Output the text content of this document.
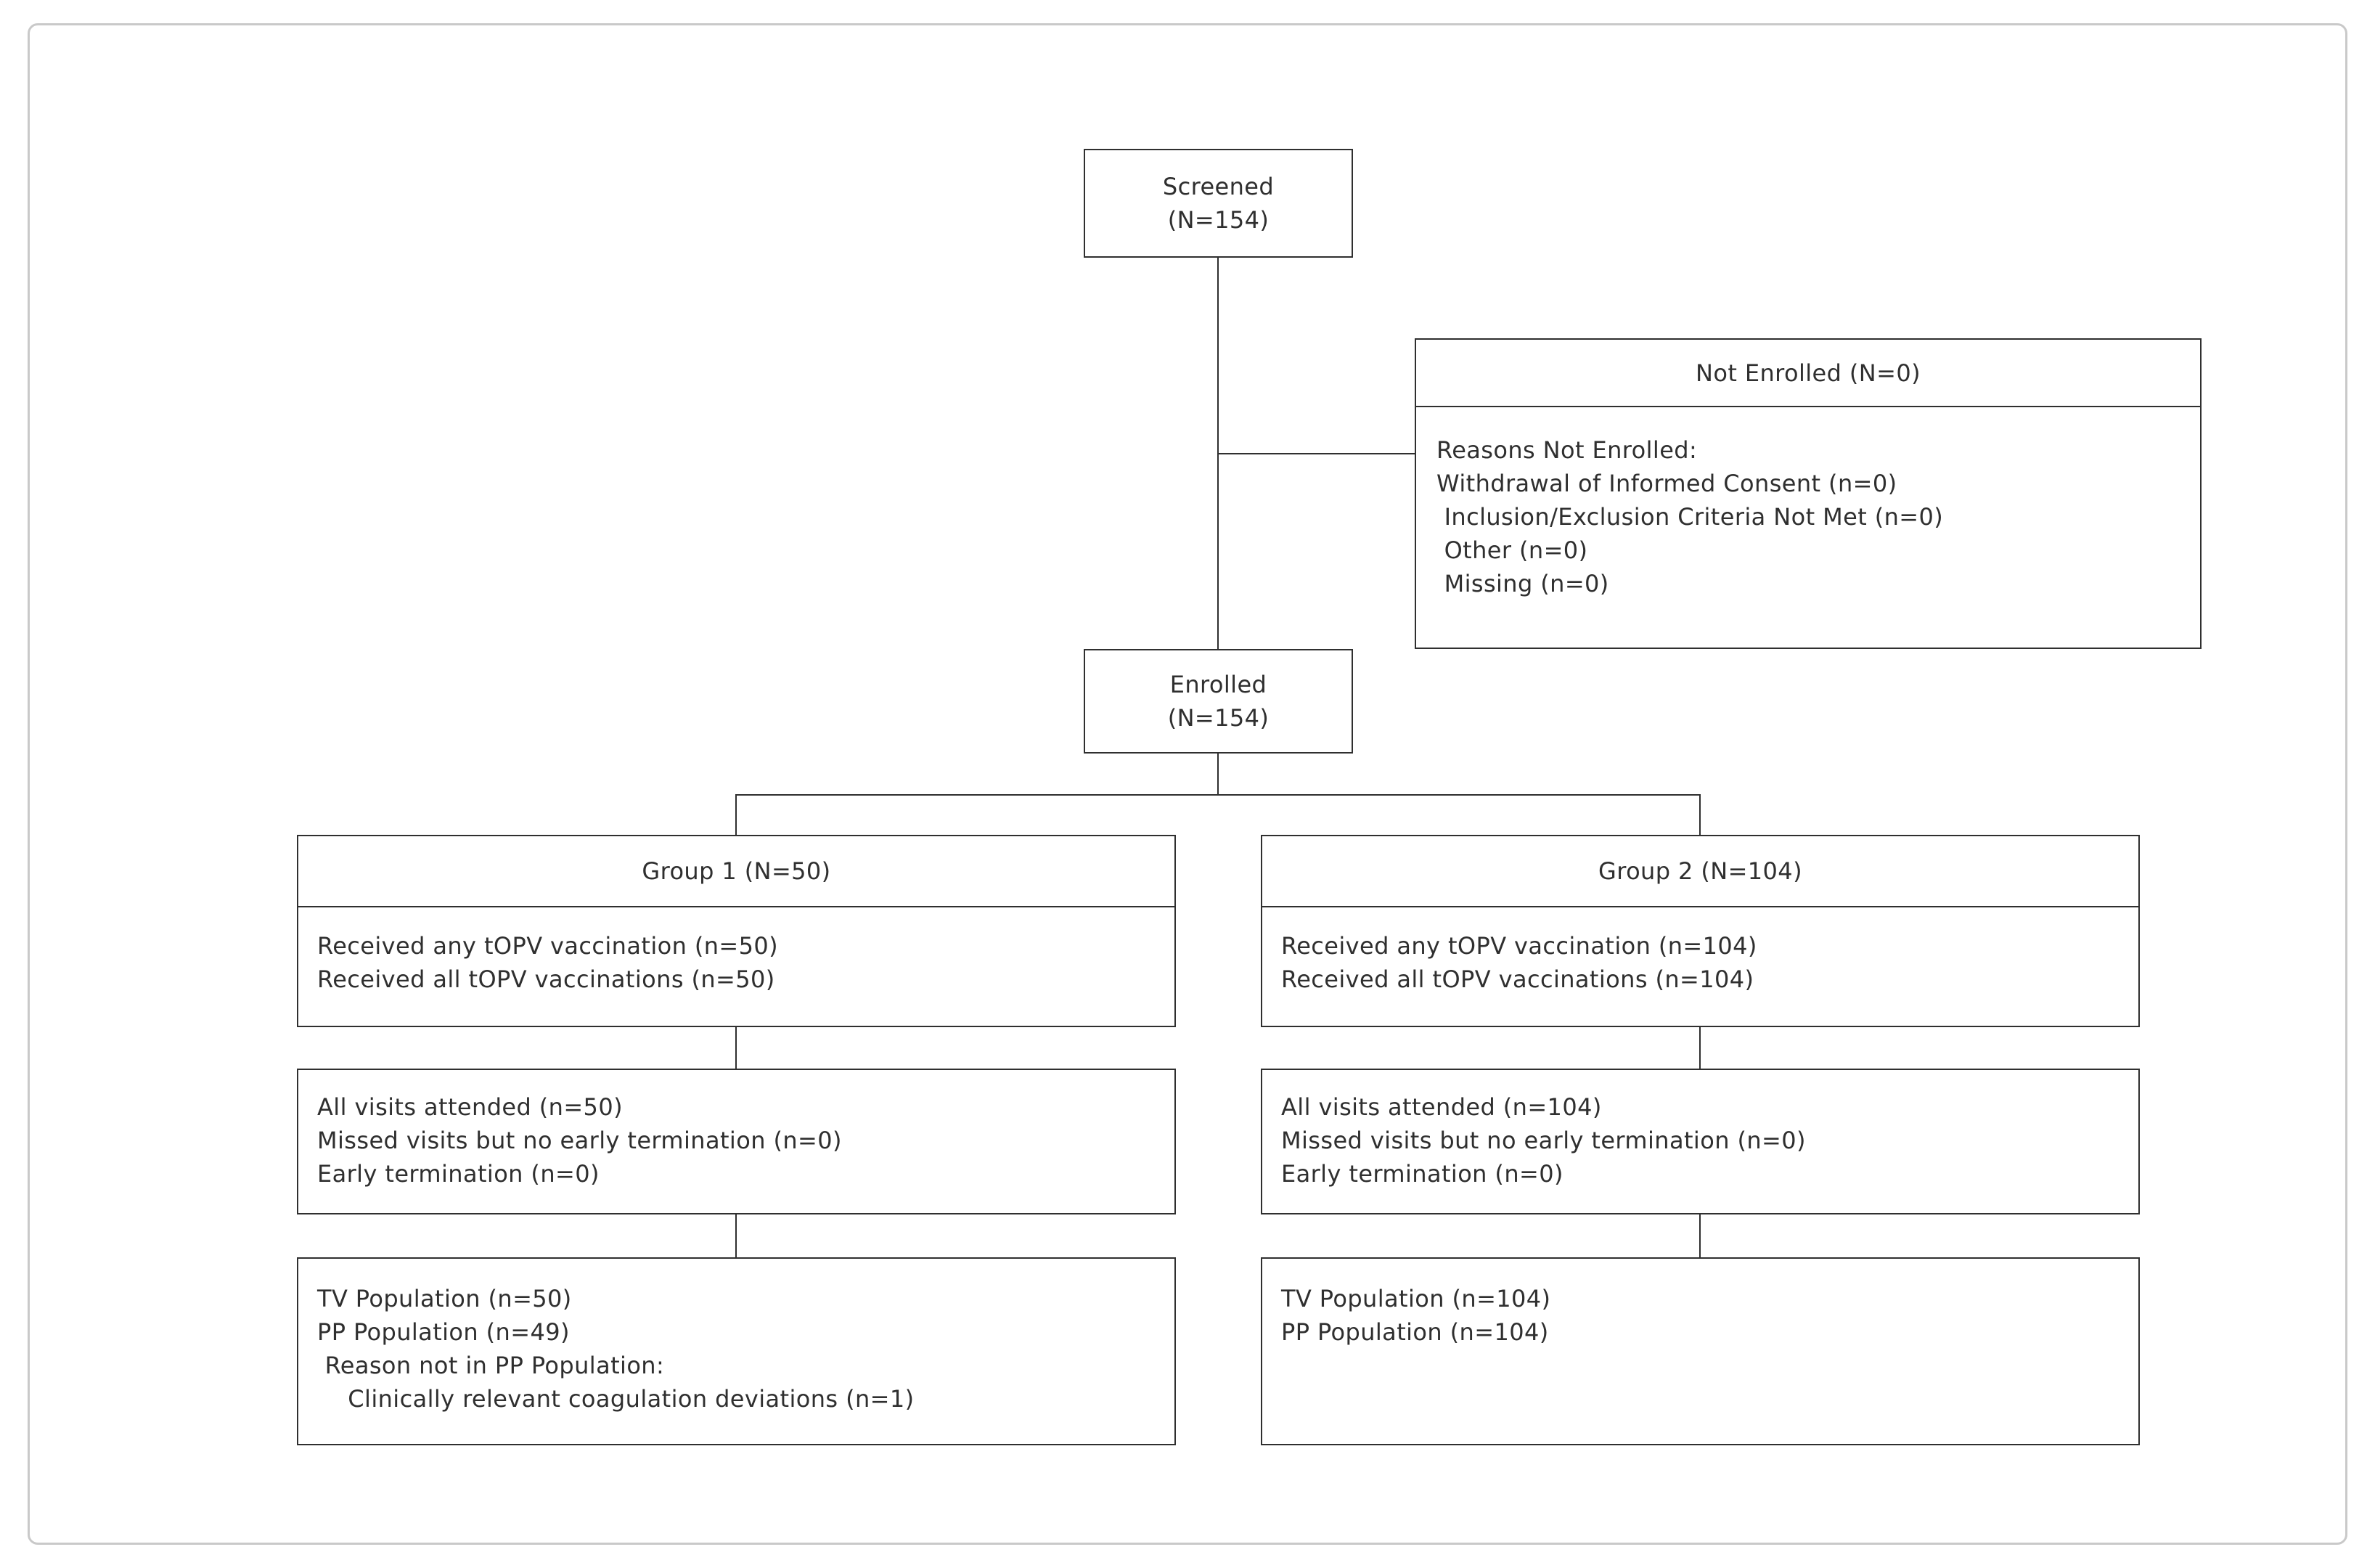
Screened
(N=154)
Not Enrolled (N=0)
Reasons Not Enrolled:
Withdrawal of Informed Consent (n=0)
Inclusion/Exclusion Criteria Not Met (n=0)
Other (n=0)
Missing (n=0)
Enrolled
(N=154)
Group 1 (N=50)
Received any tOPV vaccination (n=50)
Received all tOPV vaccinations (n=50)
Group 2 (N=104)
Received any tOPV vaccination (n=104)
Received all tOPV vaccinations (n=104)
All visits attended (n=50)
Missed visits but no early termination (n=0)
Early termination (n=0)
All visits attended (n=104)
Missed visits but no early termination (n=0)
Early termination (n=0)
TV Population (n=50)
PP Population (n=49)
Reason not in PP Population:
Clinically relevant coagulation deviations (n=1)
TV Population (n=104)
PP Population (n=104)
